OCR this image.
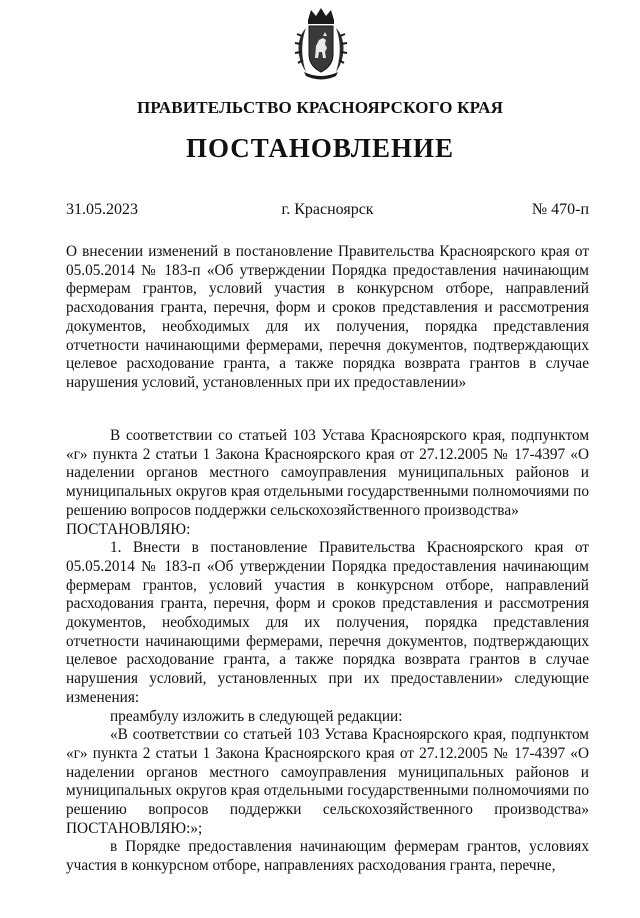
ПРАВИТЕЛЬСТВО КРАСНОЯРСКОГО КРАЯ
ПОСТАНОВЛЕНИЕ
31.05.2023	г. Красноярск	№ 470-п

О внесении изменений в постановление Правительства Красноярского края от 05.05.2014 № 183-п «Об утверждении Порядка предоставления начинающим фермерам грантов, условий участия в конкурсном отборе, направлений расходования гранта, перечня, форм и сроков представления и рассмотрения документов, необходимых для их получения, порядка представления отчетности начинающими фермерами, перечня документов, подтверждающих целевое расходование гранта, а также порядка возврата грантов в случае нарушения условий, установленных при их предоставлении»

В соответствии со статьей 103 Устава Красноярского края, подпунктом «г» пункта 2 статьи 1 Закона Красноярского края от 27.12.2005 № 17-4397 «О наделении органов местного самоуправления муниципальных районов и муниципальных округов края отдельными государственными полномочиями по решению вопросов поддержки сельскохозяйственного производства»

ПОСТАНОВЛЯЮ:

1. Внести в постановление Правительства Красноярского края от 05.05.2014 № 183-п «Об утверждении Порядка предоставления начинающим фермерам грантов, условий участия в конкурсном отборе, направлений расходования гранта, перечня, форм и сроков представления и рассмотрения документов, необходимых для их получения, порядка представления отчетности начинающими фермерами, перечня документов, подтверждающих целевое расходование гранта, а также порядка возврата грантов в случае нарушения условий, установленных при их предоставлении» следующие изменения:

преамбулу изложить в следующей редакции:

«В соответствии со статьей 103 Устава Красноярского края, подпунктом «г» пункта 2 статьи 1 Закона Красноярского края от 27.12.2005 № 17-4397 «О наделении органов местного самоуправления муниципальных районов и муниципальных округов края отдельными государственными полномочиями по решению вопросов поддержки сельскохозяйственного производства» ПОСТАНОВЛЯЮ:»;

в Порядке предоставления начинающим фермерам грантов, условиях участия в конкурсном отборе, направлениях расходования гранта, перечне,
